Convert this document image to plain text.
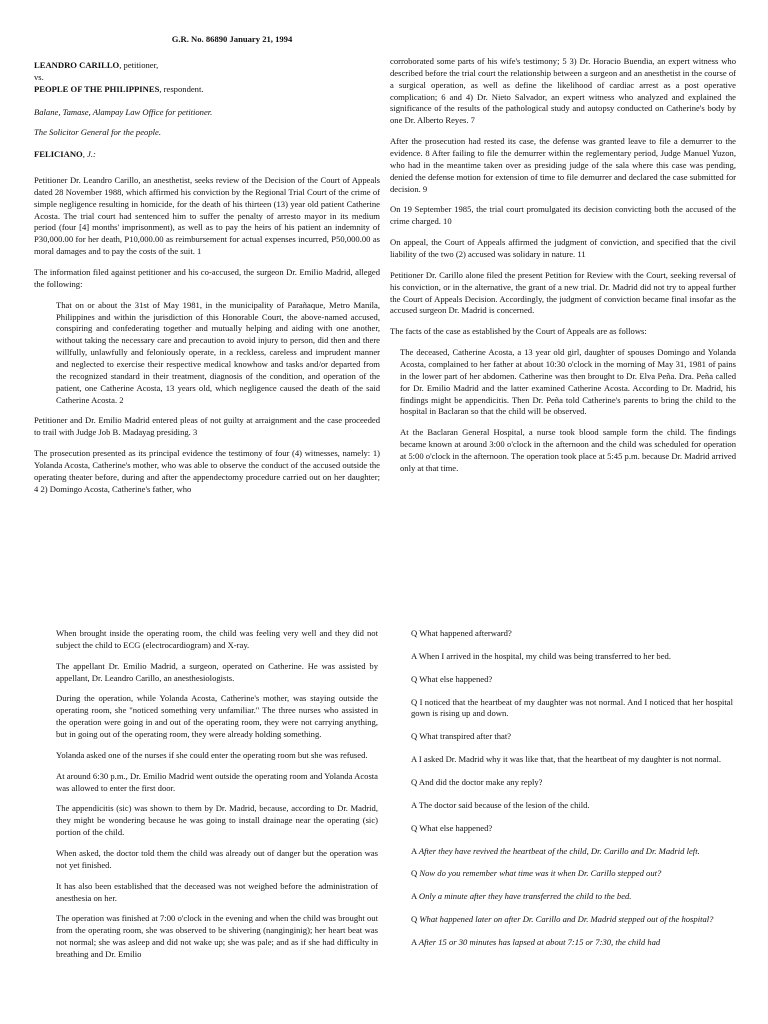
G.R. No. 86890 January 21, 1994

LEANDRO CARILLO, petitioner,

vs.

PEOPLE OF THE PHILIPPINES, respondent.

Balane, Tamase, Alampay Law Office for petitioner.

The Solicitor General for the people.

FELICIANO, J.:

Petitioner Dr. Leandro Carillo, an anesthetist, seeks review of the Decision of the Court of Appeals dated 28 November 1988, which affirmed his conviction by the Regional Trial Court of the crime of simple negligence resulting in homicide, for the death of his thirteen (13) year old patient Catherine Acosta. The trial court had sentenced him to suffer the penalty of arresto mayor in its medium period (four [4] months' imprisonment), as well as to pay the heirs of his patient an indemnity of P30,000.00 for her death, P10,000.00 as reimbursement for actual expenses incurred, P50,000.00 as moral damages and to pay the costs of the suit. 1

The information filed against petitioner and his co-accused, the surgeon Dr. Emilio Madrid, alleged the following:

That on or about the 31st of May 1981, in the municipality of Parañaque, Metro Manila, Philippines and within the jurisdiction of this Honorable Court, the above-named accused, conspiring and confederating together and mutually helping and aiding with one another, without taking the necessary care and precaution to avoid injury to person, did then and there willfully, unlawfully and feloniously operate, in a reckless, careless and imprudent manner and neglected to exercise their respective medical knowhow and tasks and/or departed from the recognized standard in their treatment, diagnosis of the condition, and operation of the patient, one Catherine Acosta, 13 years old, which negligence caused the death of the said Catherine Acosta. 2

Petitioner and Dr. Emilio Madrid entered pleas of not guilty at arraignment and the case proceeded to trail with Judge Job B. Madayag presiding. 3

The prosecution presented as its principal evidence the testimony of four (4) witnesses, namely: 1) Yolanda Acosta, Catherine's mother, who was able to observe the conduct of the accused outside the operating theater before, during and after the appendectomy procedure carried out on her daughter; 4 2) Domingo Acosta, Catherine's father, who

corroborated some parts of his wife's testimony; 5 3) Dr. Horacio Buendia, an expert witness who described before the trial court the relationship between a surgeon and an anesthetist in the course of a surgical operation, as well as define the likelihood of cardiac arrest as a post operative complication; 6 and 4) Dr. Nieto Salvador, an expert witness who analyzed and explained the significance of the results of the pathological study and autopsy conducted on Catherine's body by one Dr. Alberto Reyes. 7

After the prosecution had rested its case, the defense was granted leave to file a demurrer to the evidence. 8 After failing to file the demurrer within the reglementary period, Judge Manuel Yuzon, who had in the meantime taken over as presiding judge of the sala where this case was pending, denied the defense motion for extension of time to file demurrer and declared the case submitted for decision. 9

On 19 September 1985, the trial court promulgated its decision convicting both the accused of the crime charged. 10

On appeal, the Court of Appeals affirmed the judgment of conviction, and specified that the civil liability of the two (2) accused was solidary in nature. 11

Petitioner Dr. Carillo alone filed the present Petition for Review with the Court, seeking reversal of his conviction, or in the alternative, the grant of a new trial. Dr. Madrid did not try to appeal further the Court of Appeals Decision. Accordingly, the judgment of conviction became final insofar as the accused surgeon Dr. Madrid is concerned.

The facts of the case as established by the Court of Appeals are as follows:

The deceased, Catherine Acosta, a 13 year old girl, daughter of spouses Domingo and Yolanda Acosta, complained to her father at about 10:30 o'clock in the morning of May 31, 1981 of pains in the lower part of her abdomen. Catherine was then brought to Dr. Elva Peña. Dra. Peña called for Dr. Emilio Madrid and the latter examined Catherine Acosta. According to Dr. Madrid, his findings might be appendicitis. Then Dr. Peña told Catherine's parents to bring the child to the hospital in Baclaran so that the child will be observed.

At the Baclaran General Hospital, a nurse took blood sample form the child. The findings became known at around 3:00 o'clock in the afternoon and the child was scheduled for operation at 5:00 o'clock in the afternoon. The operation took place at 5:45 p.m. because Dr. Madrid arrived only at that time.

When brought inside the operating room, the child was feeling very well and they did not subject the child to ECG (electrocardiogram) and X-ray.

The appellant Dr. Emilio Madrid, a surgeon, operated on Catherine. He was assisted by appellant, Dr. Leandro Carillo, an anesthesiologists.

During the operation, while Yolanda Acosta, Catherine's mother, was staying outside the operating room, she "noticed something very unfamiliar." The three nurses who assisted in the operation were going in and out of the operating room, they were not carrying anything, but in going out of the operating room, they were already holding something.

Yolanda asked one of the nurses if she could enter the operating room but she was refused.

At around 6:30 p.m., Dr. Emilio Madrid went outside the operating room and Yolanda Acosta was allowed to enter the first door.

The appendicitis (sic) was shown to them by Dr. Madrid, because, according to Dr. Madrid, they might be wondering because he was going to install drainage near the operating (sic) portion of the child.

When asked, the doctor told them the child was already out of danger but the operation was not yet finished.

It has also been established that the deceased was not weighed before the administration of anesthesia on her.

The operation was finished at 7:00 o'clock in the evening and when the child was brought out from the operating room, she was observed to be shivering (nanginginig); her heart beat was not normal; she was asleep and did not wake up; she was pale; and as if she had difficulty in breathing and Dr. Emilio

Q What happened afterward?

A When I arrived in the hospital, my child was being transferred to her bed.

Q What else happened?

Q I noticed that the heartbeat of my daughter was not normal. And I noticed that her hospital gown is rising up and down.

Q What transpired after that?

A I asked Dr. Madrid why it was like that, that the heartbeat of my daughter is not normal.

Q And did the doctor make any reply?

A The doctor said because of the lesion of the child.

Q What else happened?

A After they have revived the heartbeat of the child, Dr. Carillo and Dr. Madrid left.

Q Now do you remember what time was it when Dr. Carillo stepped out?

A Only a minute after they have transferred the child to the bed.

Q What happened later on after Dr. Carillo and Dr. Madrid stepped out of the hospital?

A After 15 or 30 minutes has lapsed at about 7:15 or 7:30, the child had
